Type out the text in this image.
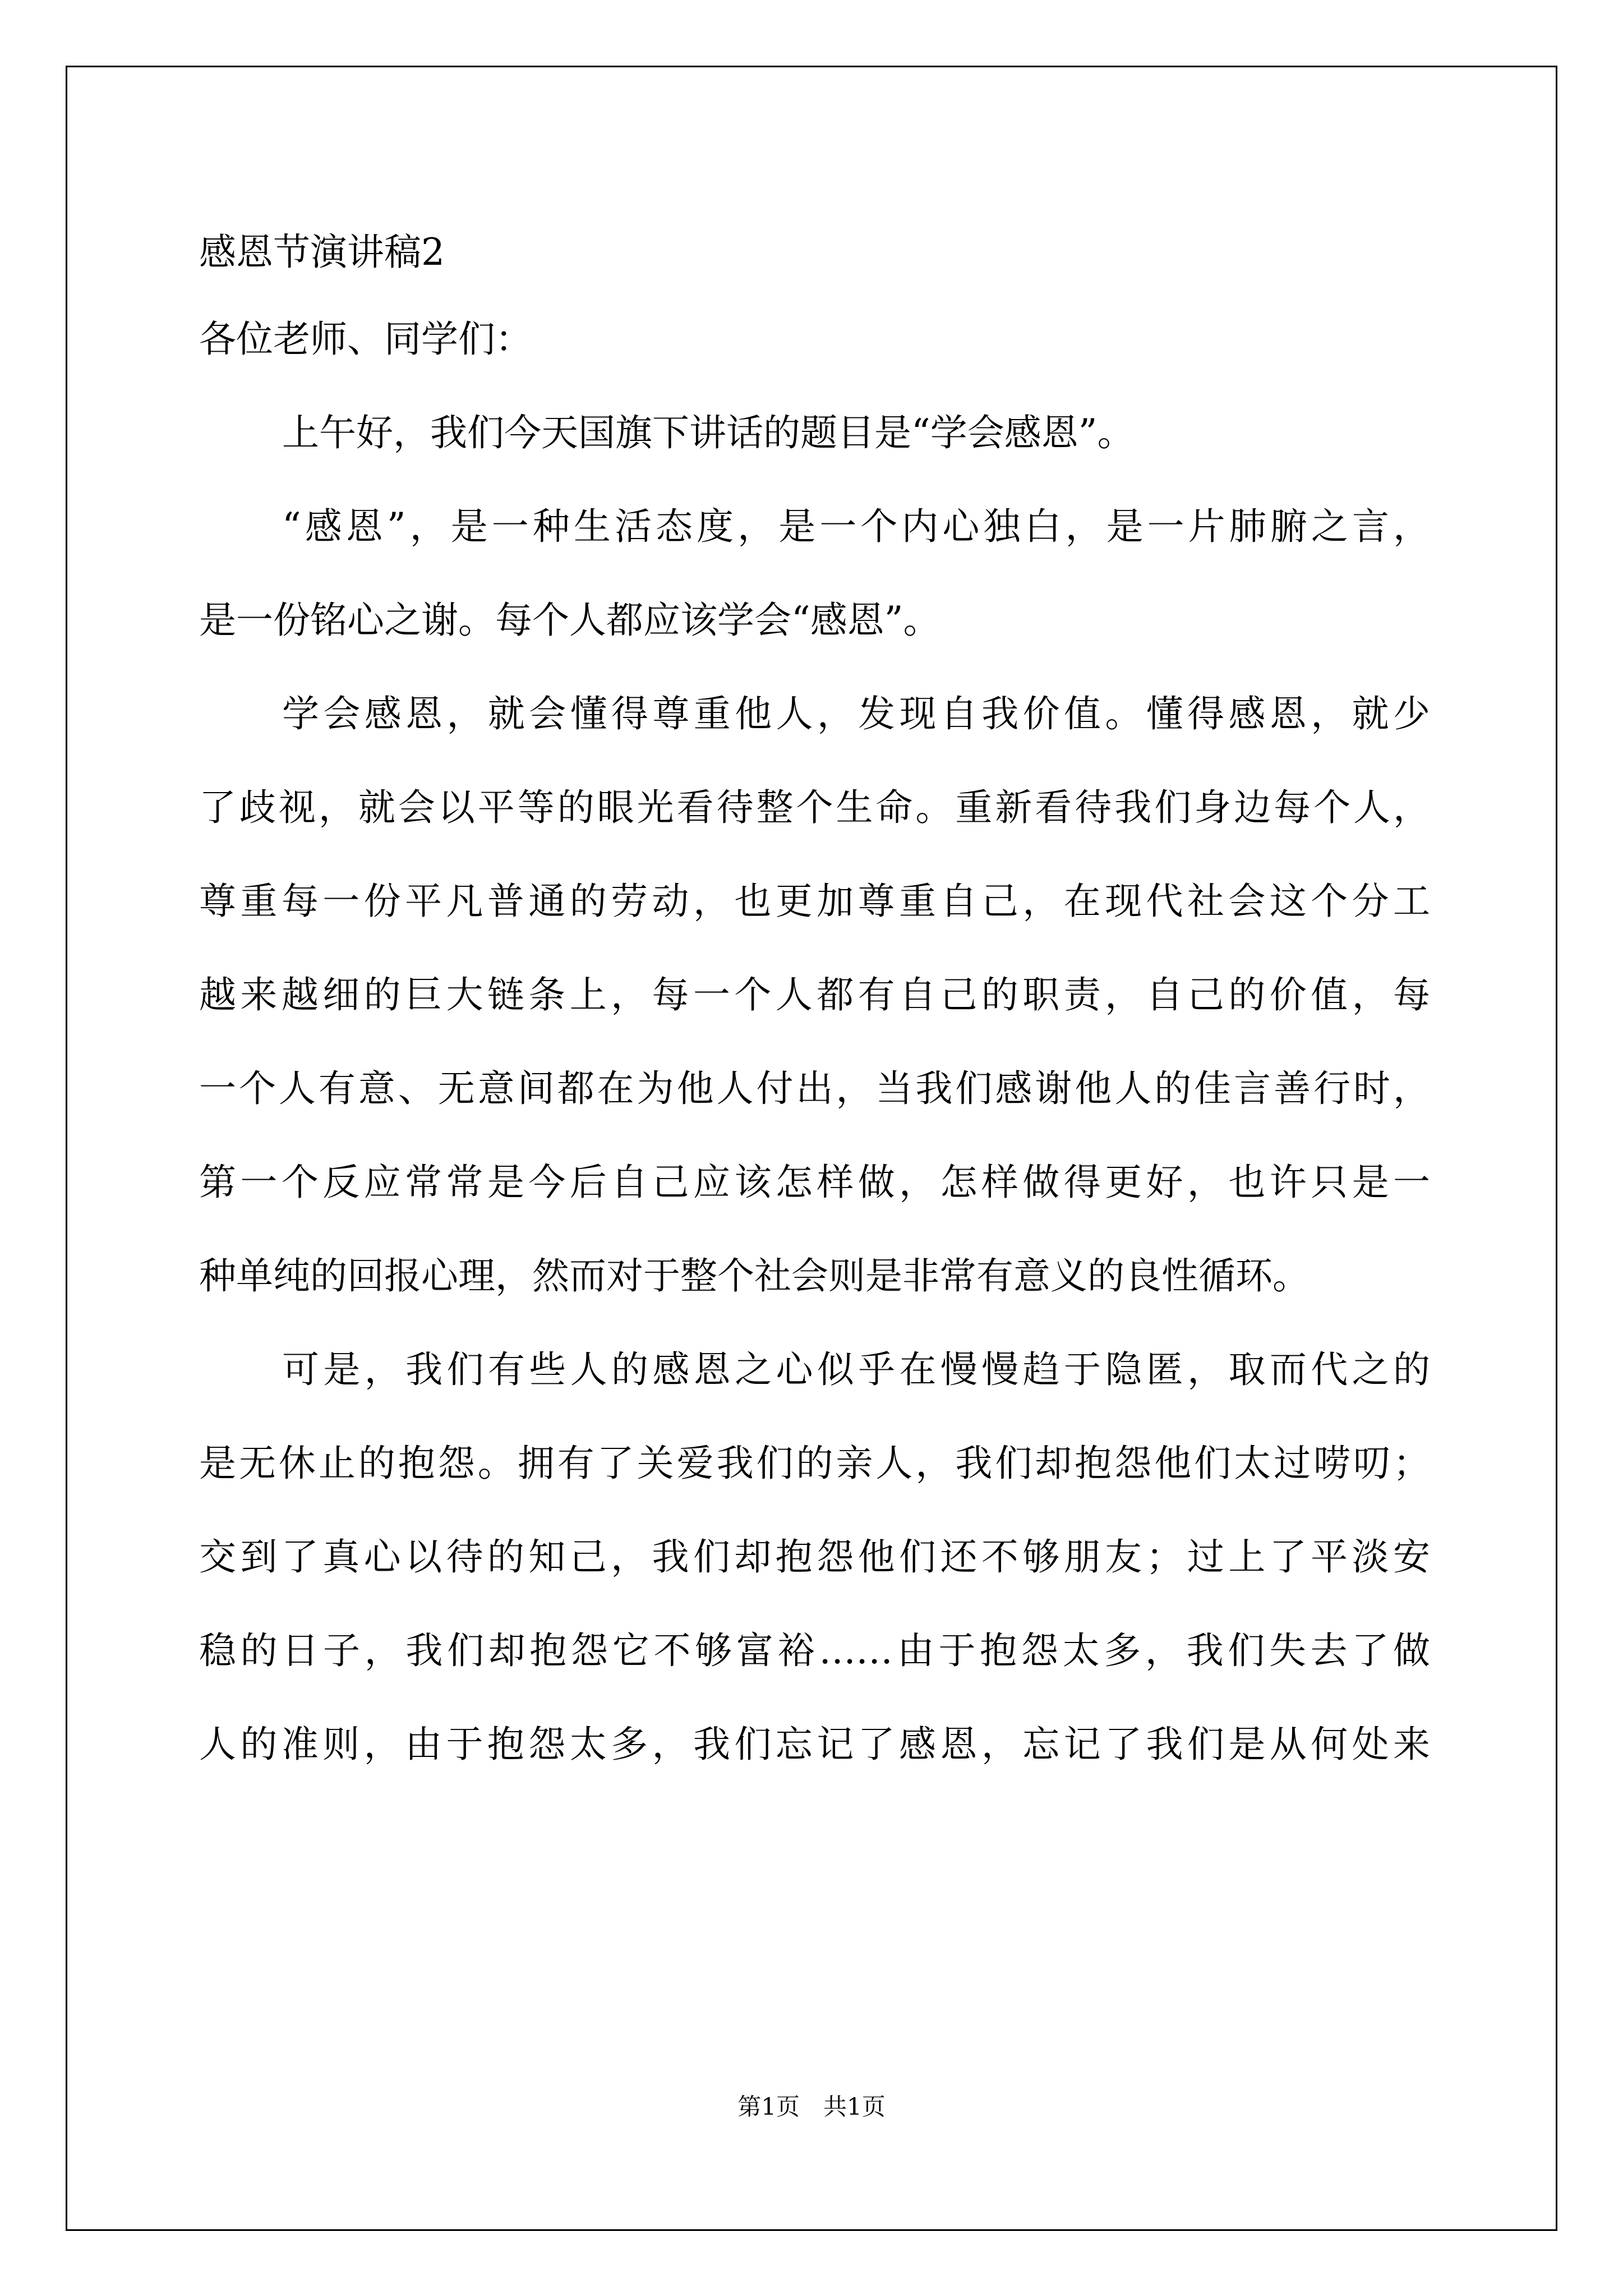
感恩节演讲稿2
各位老师、同学们：
上午好，我们今天国旗下讲话的题目是“学会感恩”。
“感恩”，是一种生活态度，是一个内心独白，是一片肺腑之言，
是一份铭心之谢。每个人都应该学会“感恩”。
学会感恩，就会懂得尊重他人，发现自我价值。懂得感恩，就少
了歧视，就会以平等的眼光看待整个生命。重新看待我们身边每个人，
尊重每一份平凡普通的劳动，也更加尊重自己，在现代社会这个分工
越来越细的巨大链条上，每一个人都有自己的职责，自己的价值，每
一个人有意、无意间都在为他人付出，当我们感谢他人的佳言善行时，
第一个反应常常是今后自己应该怎样做，怎样做得更好，也许只是一
种单纯的回报心理，然而对于整个社会则是非常有意义的良性循环。
可是，我们有些人的感恩之心似乎在慢慢趋于隐匿，取而代之的
是无休止的抱怨。拥有了关爱我们的亲人，我们却抱怨他们太过唠叨；
交到了真心以待的知己，我们却抱怨他们还不够朋友；过上了平淡安
稳的日子，我们却抱怨它不够富裕……由于抱怨太多，我们失去了做
人的准则，由于抱怨太多，我们忘记了感恩，忘记了我们是从何处来
第1页　共1页
